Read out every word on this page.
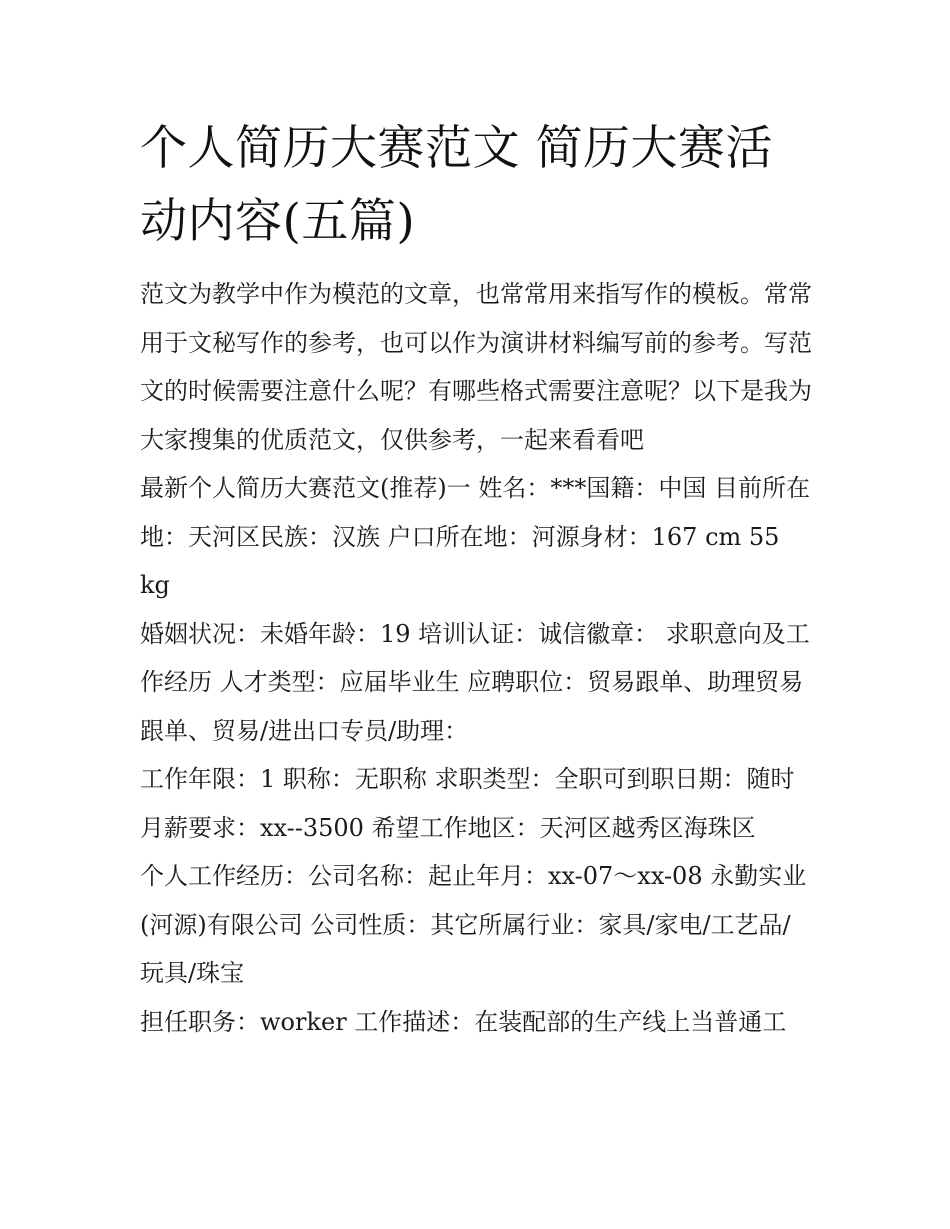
个人简历大赛范文 简历大赛活动内容(五篇)

范文为教学中作为模范的文章，也常常用来指写作的模板。常常用于文秘写作的参考，也可以作为演讲材料编写前的参考。写范文的时候需要注意什么呢？有哪些格式需要注意呢？以下是我为大家搜集的优质范文，仅供参考，一起来看看吧

最新个人简历大赛范文(推荐)一 姓名：***国籍：中国 目前所在地：天河区民族：汉族 户口所在地：河源身材：167 cm 55 kg

婚姻状况：未婚年龄：19 培训认证：诚信徽章： 求职意向及工作经历 人才类型：应届毕业生 应聘职位：贸易跟单、助理贸易跟单、贸易/进出口专员/助理：

工作年限：1 职称：无职称 求职类型：全职可到职日期：随时月薪要求：xx--3500 希望工作地区：天河区越秀区海珠区

个人工作经历：公司名称：起止年月：xx-07～xx-08 永勤实业(河源)有限公司 公司性质：其它所属行业：家具/家电/工艺品/玩具/珠宝

担任职务：worker 工作描述：在装配部的生产线上当普通工
